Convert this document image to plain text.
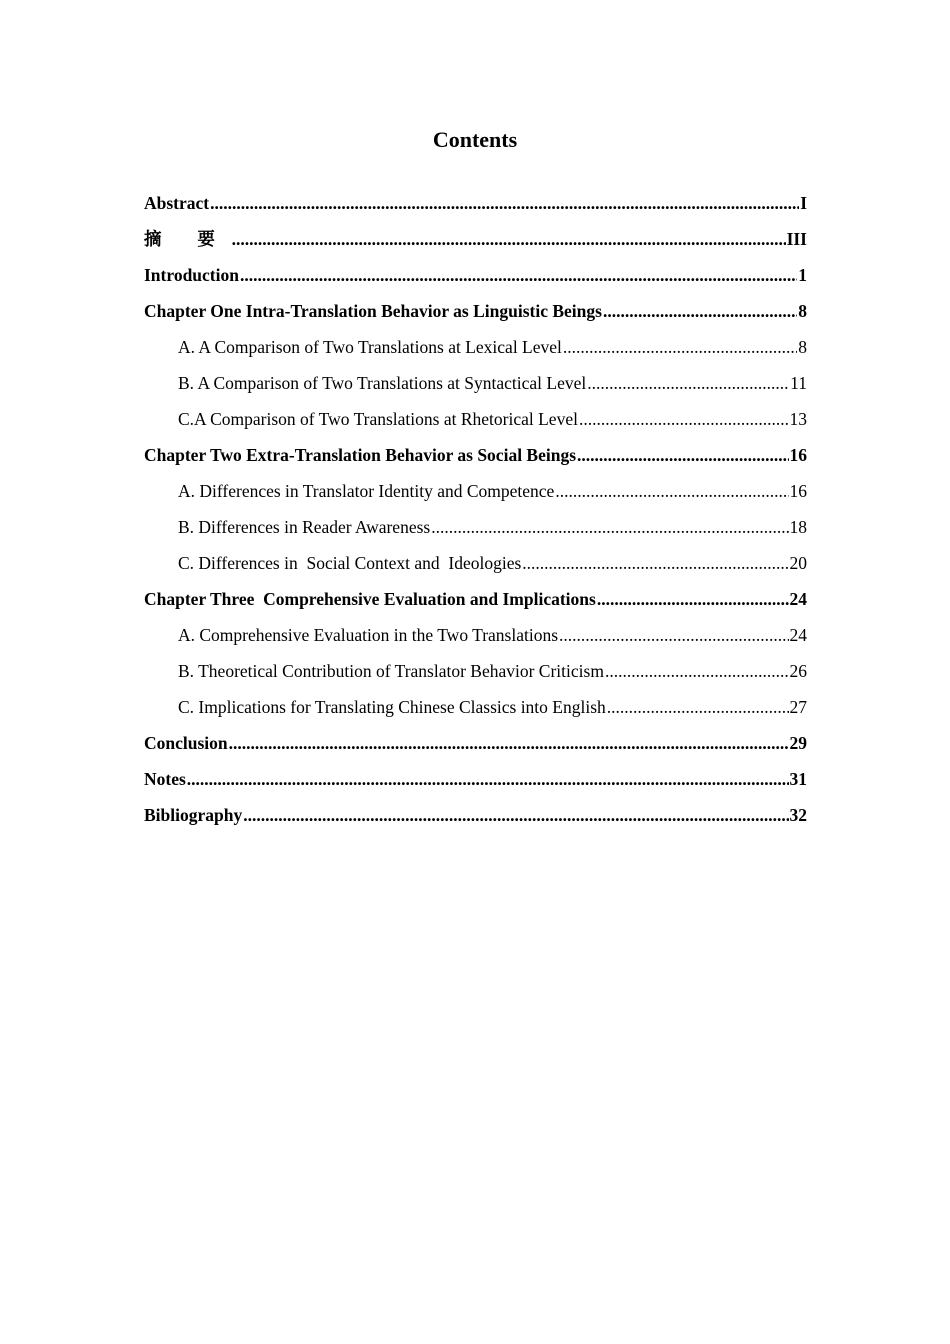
Contents
Abstract .....	I
摘 要 .....	III
Introduction .....	1
Chapter One Intra-Translation Behavior as Linguistic Beings .....	8
A. A Comparison of Two Translations at Lexical Level .....	8
B. A Comparison of Two Translations at Syntactical Level .....	11
C.A Comparison of Two Translations at Rhetorical Level .....	13
Chapter Two Extra-Translation Behavior as Social Beings .....	16
A. Differences in Translator Identity and Competence .....	16
B. Differences in Reader Awareness .....	18
C. Differences in  Social Context and  Ideologies .....	20
Chapter Three  Comprehensive Evaluation and Implications .....	24
A. Comprehensive Evaluation in the Two Translations .....	24
B. Theoretical Contribution of Translator Behavior Criticism .....	26
C. Implications for Translating Chinese Classics into English .....	27
Conclusion .....	29
Notes .....	31
Bibliography .....	32
